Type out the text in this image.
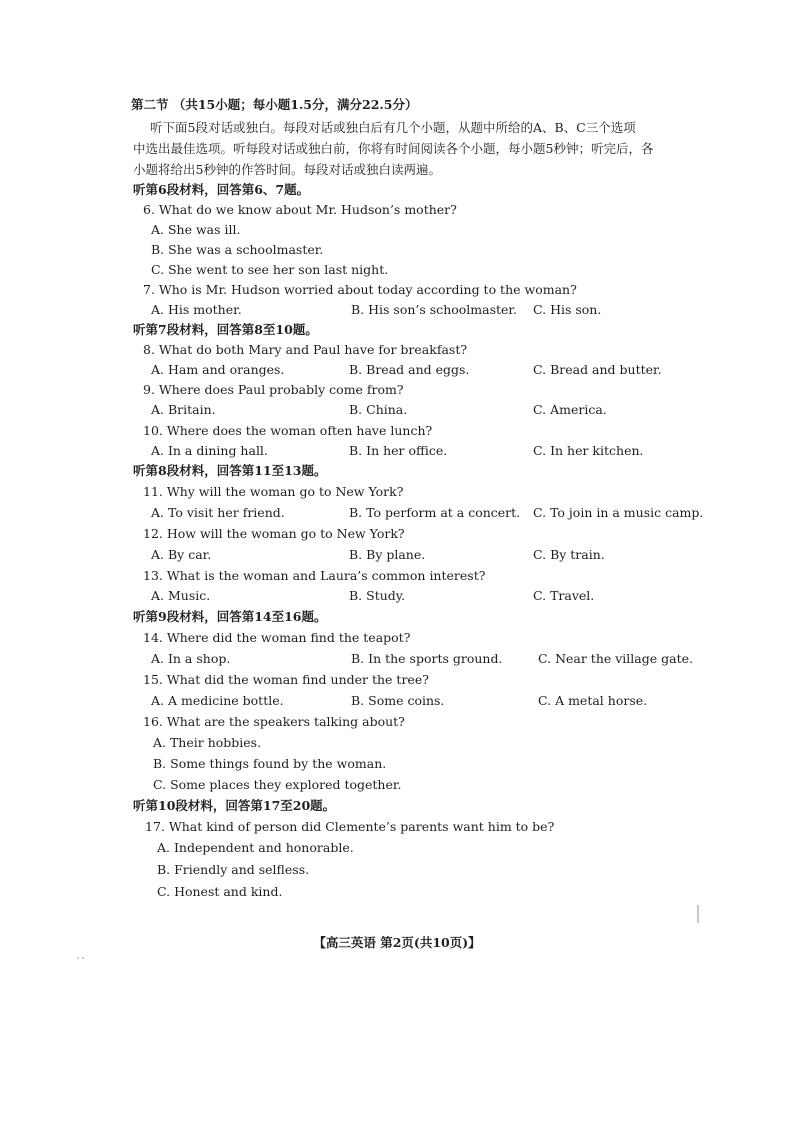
第二节 （共15小题；每小题1.5分，满分22.5分）
听下面5段对话或独白。每段对话或独白后有几个小题，从题中所给的A、B、C三个选项
中选出最佳选项。听每段对话或独白前，你将有时间阅读各个小题，每小题5秒钟；听完后，各
小题将给出5秒钟的作答时间。每段对话或独白读两遍。
听第6段材料，回答第6、7题。
6. What do we know about Mr. Hudson’s mother?
A. She was ill.
B. She was a schoolmaster.
C. She went to see her son last night.
7. Who is Mr. Hudson worried about today according to the woman?
A. His mother.	B. His son’s schoolmaster. C. His son.
听第7段材料，回答第8至10题。
8. What do both Mary and Paul have for breakfast?
A. Ham and oranges.	B. Bread and eggs.	C. Bread and butter.
9. Where does Paul probably come from?
A. Britain.	B. China.	C. America.
10. Where does the woman often have lunch?
A. In a dining hall.	B. In her office.	C. In her kitchen.
听第8段材料，回答第11至13题。
11. Why will the woman go to New York?
A. To visit her friend.	B. To perform at a concert. C. To join in a music camp.
12. How will the woman go to New York?
A. By car.	B. By plane.	C. By train.
13. What is the woman and Laura’s common interest?
A. Music.	B. Study.	C. Travel.
听第9段材料，回答第14至16题。
14. Where did the woman find the teapot?
A. In a shop.	B. In the sports ground.	C. Near the village gate.
15. What did the woman find under the tree?
A. A medicine bottle.	B. Some coins.	C. A metal horse.
16. What are the speakers talking about?
A. Their hobbies.
B. Some things found by the woman.
C. Some places they explored together.
听第10段材料，回答第17至20题。
17. What kind of person did Clemente’s parents want him to be?
A. Independent and honorable.
B. Friendly and selfless.
C. Honest and kind.
【高三英语 第2页(共10页)】
